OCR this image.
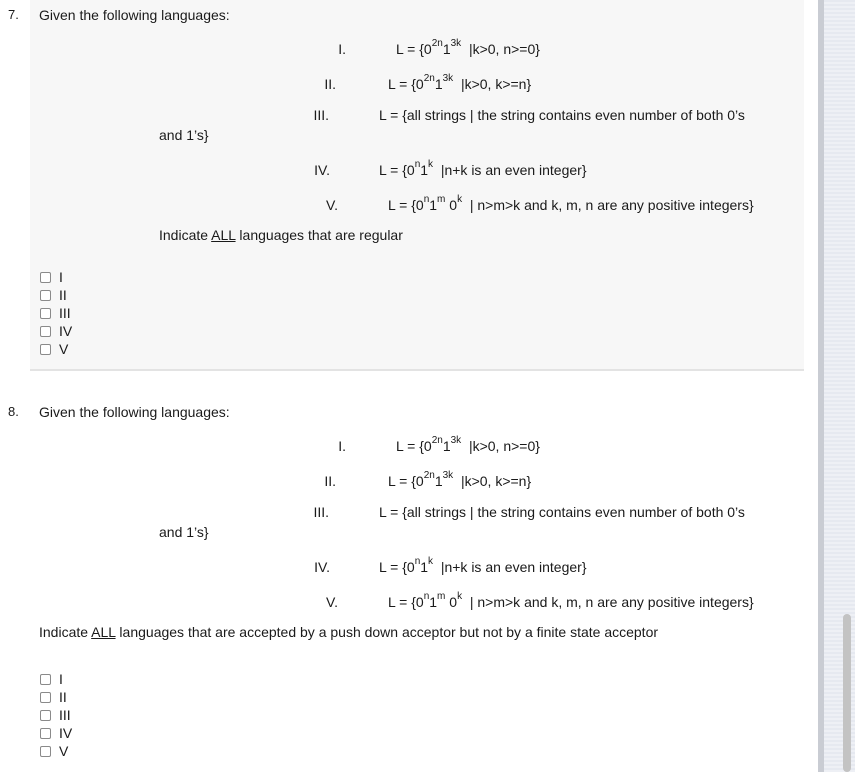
7. Given the following languages:
I.	$L = \{0^{2n}1^{3k}$  |k>0, n>=0}
II.	$L = \{0^{2n}1^{3k}$  |k>0, k>=n}
III.	L = {all strings | the string contains even number of both 0’s
and 1’s}
IV.	$L = \{0^n1^k$  |n+k is an even integer}
V.	$L = \{0^n1^m$ 0$^k$  | n>m>k and k, m, n are any positive integers}
Indicate ALL languages that are regular
I
II
III
IV
V
8. Given the following languages:
I.	$L = \{0^{2n}1^{3k}$  |k>0, n>=0}
II.	$L = \{0^{2n}1^{3k}$  |k>0, k>=n}
III.	L = {all strings | the string contains even number of both 0’s
and 1’s}
IV.	$L = \{0^n1^k$  |n+k is an even integer}
V.	$L = \{0^n1^m$ 0$^k$  | n>m>k and k, m, n are any positive integers}
Indicate ALL languages that are accepted by a push down acceptor but not by a finite state acceptor
I
II
III
IV
V
